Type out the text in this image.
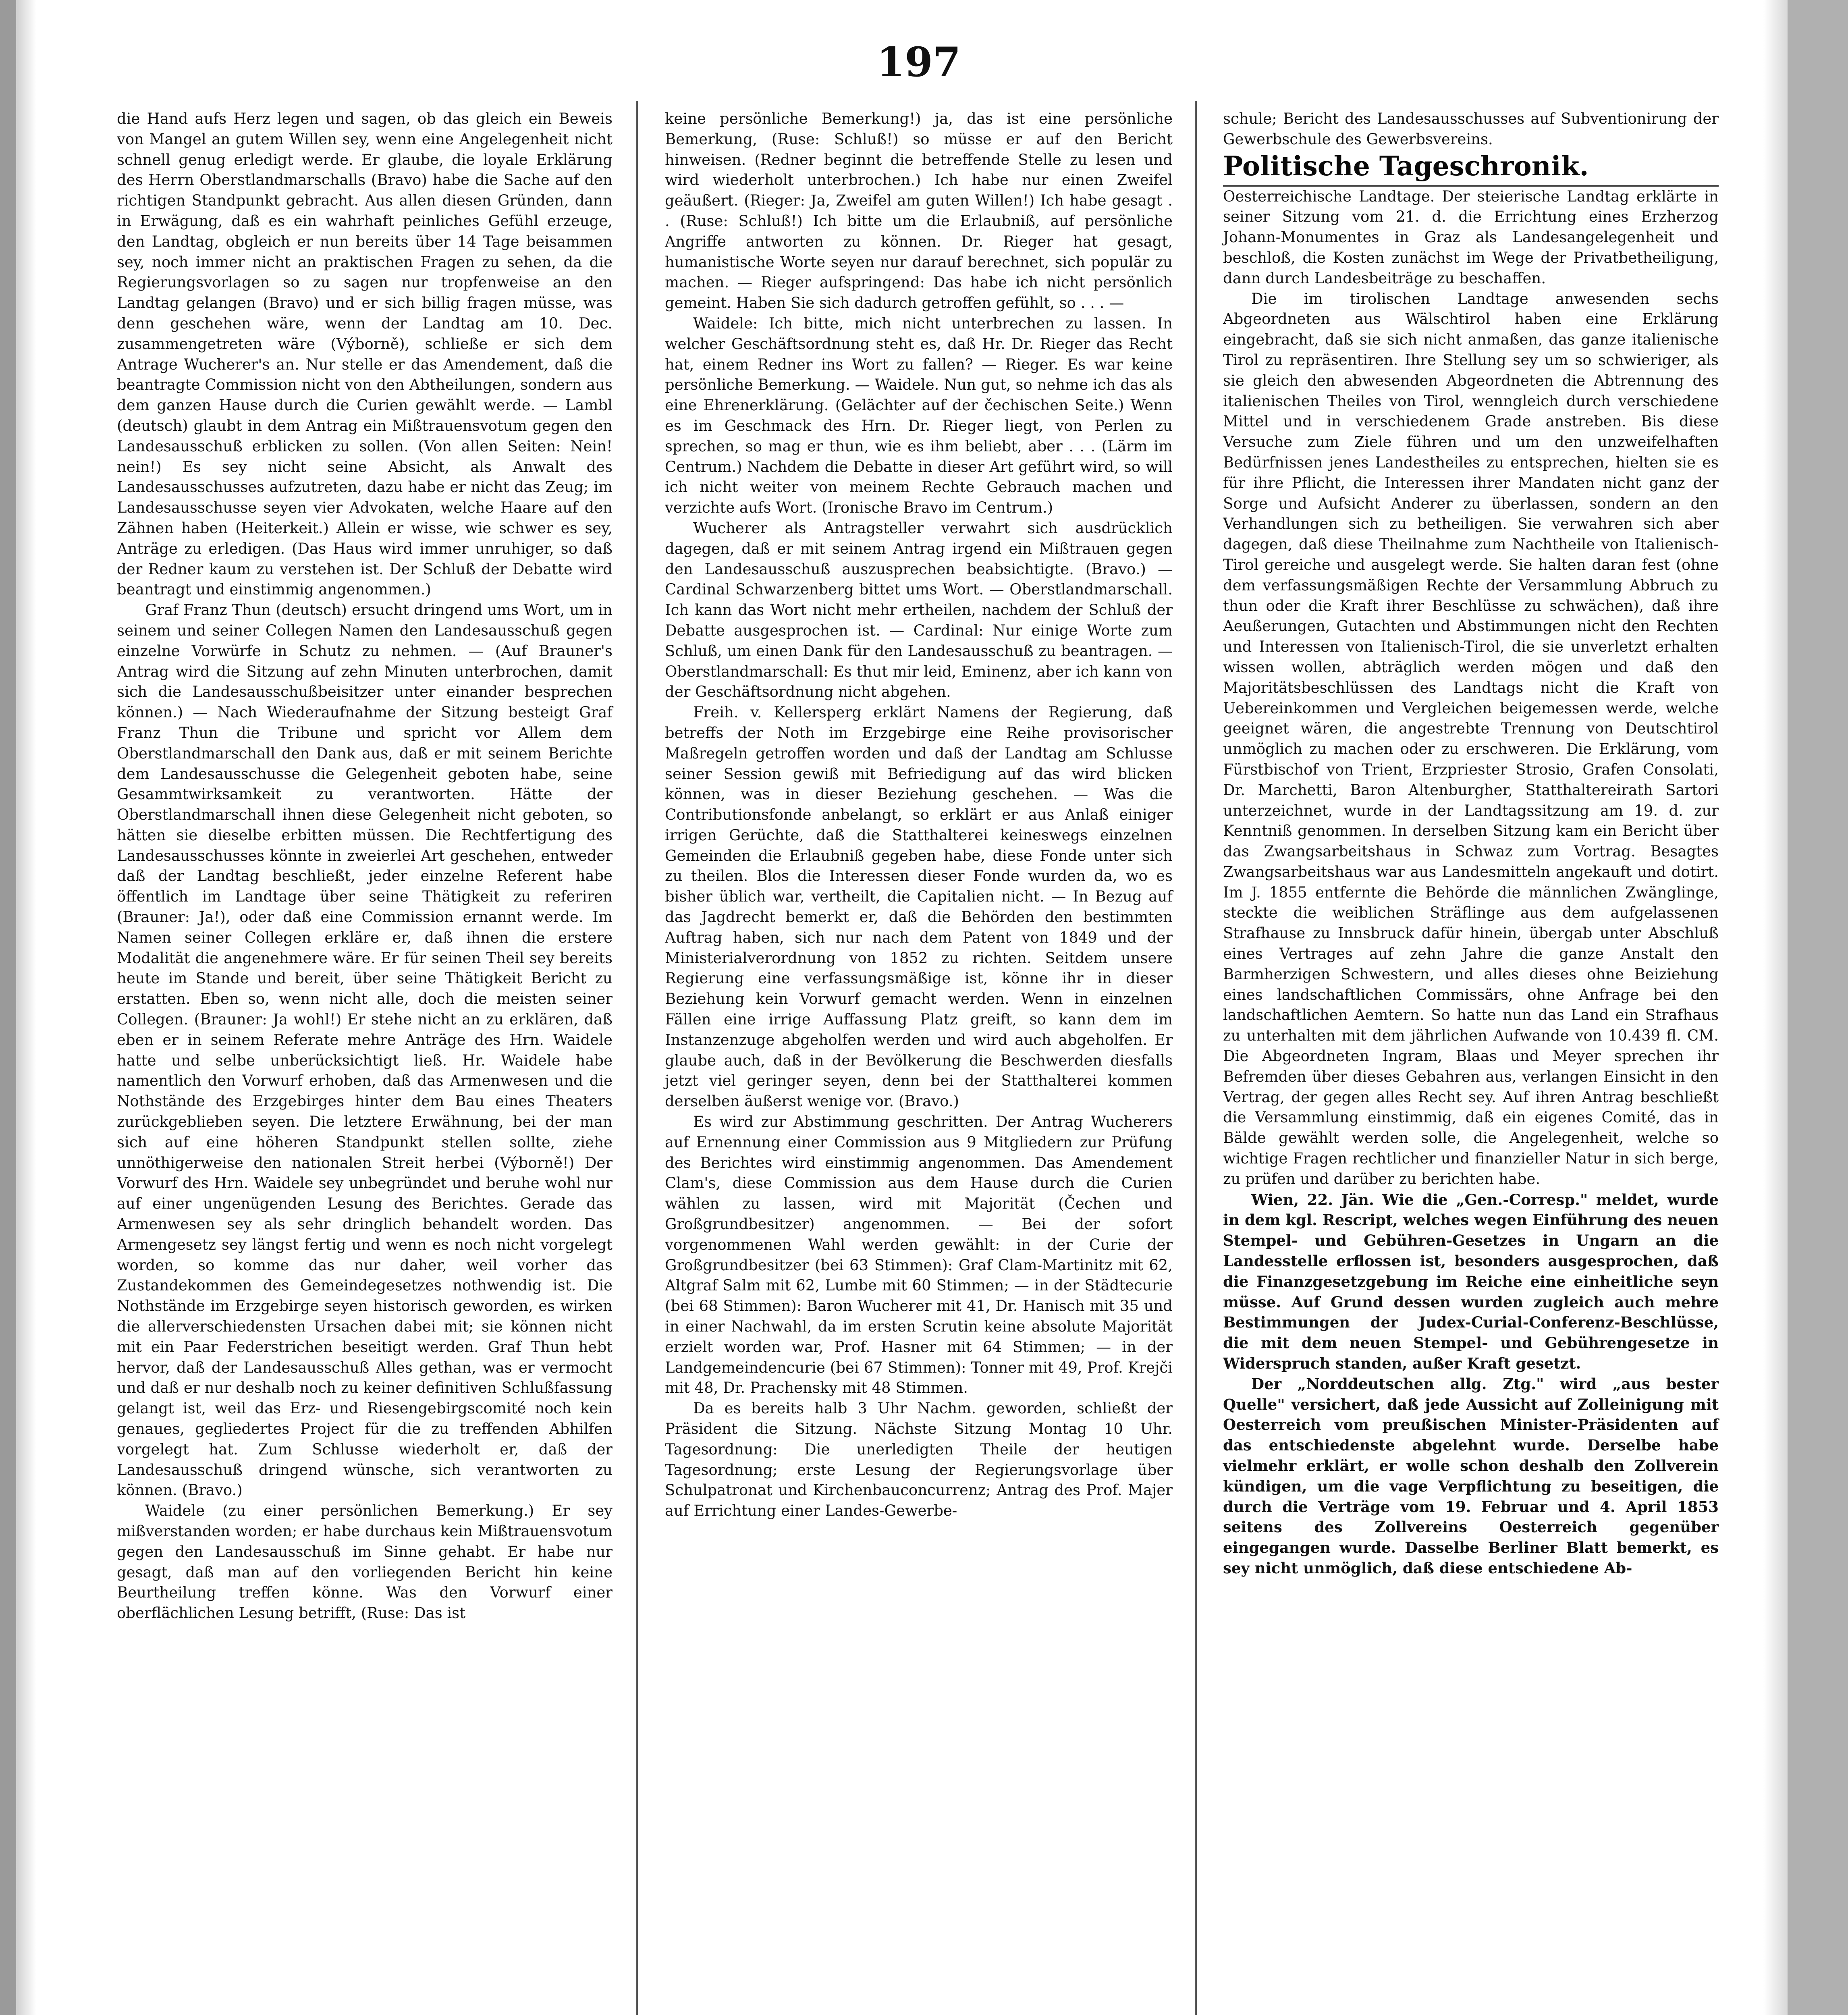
197

die Hand aufs Herz legen und sagen, ob das gleich ein Beweis von Mangel an gutem Willen sey, wenn eine Angelegenheit nicht schnell genug erledigt werde. Er glaube, die loyale Erklärung des Herrn Oberstlandmarschalls (Bravo) habe die Sache auf den richtigen Standpunkt gebracht. Aus allen diesen Gründen, dann in Erwägung, daß es ein wahrhaft peinliches Gefühl erzeuge, den Landtag, obgleich er nun bereits über 14 Tage beisammen sey, noch immer nicht an praktischen Fragen zu sehen, da die Regierungsvorlagen so zu sagen nur tropfenweise an den Landtag gelangen (Bravo) und er sich billig fragen müsse, was denn geschehen wäre, wenn der Landtag am 10. Dec. zusammengetreten wäre (Výborně), schließe er sich dem Antrage Wucherer's an. Nur stelle er das Amendement, daß die beantragte Commission nicht von den Abtheilungen, sondern aus dem ganzen Hause durch die Curien gewählt werde. — Lambl (deutsch) glaubt in dem Antrag ein Mißtrauensvotum gegen den Landesausschuß erblicken zu sollen. (Von allen Seiten: Nein! nein!) Es sey nicht seine Absicht, als Anwalt des Landesausschusses aufzutreten, dazu habe er nicht das Zeug; im Landesausschusse seyen vier Advokaten, welche Haare auf den Zähnen haben (Heiterkeit.) Allein er wisse, wie schwer es sey, Anträge zu erledigen. (Das Haus wird immer unruhiger, so daß der Redner kaum zu verstehen ist. Der Schluß der Debatte wird beantragt und einstimmig angenommen.)

Graf Franz Thun (deutsch) ersucht dringend ums Wort, um in seinem und seiner Collegen Namen den Landesausschuß gegen einzelne Vorwürfe in Schutz zu nehmen. — (Auf Brauner's Antrag wird die Sitzung auf zehn Minuten unterbrochen, damit sich die Landesausschußbeisitzer unter einander besprechen können.) — Nach Wiederaufnahme der Sitzung besteigt Graf Franz Thun die Tribune und spricht vor Allem dem Oberstlandmarschall den Dank aus, daß er mit seinem Berichte dem Landesausschusse die Gelegenheit geboten habe, seine Gesammtwirksamkeit zu verantworten. Hätte der Oberstlandmarschall ihnen diese Gelegenheit nicht geboten, so hätten sie dieselbe erbitten müssen. Die Rechtfertigung des Landesausschusses könnte in zweierlei Art geschehen, entweder daß der Landtag beschließt, jeder einzelne Referent habe öffentlich im Landtage über seine Thätigkeit zu referiren (Brauner: Ja!), oder daß eine Commission ernannt werde. Im Namen seiner Collegen erkläre er, daß ihnen die erstere Modalität die angenehmere wäre. Er für seinen Theil sey bereits heute im Stande und bereit, über seine Thätigkeit Bericht zu erstatten. Eben so, wenn nicht alle, doch die meisten seiner Collegen. (Brauner: Ja wohl!) Er stehe nicht an zu erklären, daß eben er in seinem Referate mehre Anträge des Hrn. Waidele hatte und selbe unberücksichtigt ließ. Hr. Waidele habe namentlich den Vorwurf erhoben, daß das Armenwesen und die Nothstände des Erzgebirges hinter dem Bau eines Theaters zurückgeblieben seyen. Die letztere Erwähnung, bei der man sich auf eine höheren Standpunkt stellen sollte, ziehe unnöthigerweise den nationalen Streit herbei (Výborně!) Der Vorwurf des Hrn. Waidele sey unbegründet und beruhe wohl nur auf einer ungenügenden Lesung des Berichtes. Gerade das Armenwesen sey als sehr dringlich behandelt worden. Das Armengesetz sey längst fertig und wenn es noch nicht vorgelegt worden, so komme das nur daher, weil vorher das Zustandekommen des Gemeindegesetzes nothwendig ist. Die Nothstände im Erzgebirge seyen historisch geworden, es wirken die allerverschiedensten Ursachen dabei mit; sie können nicht mit ein Paar Federstrichen beseitigt werden. Graf Thun hebt hervor, daß der Landesausschuß Alles gethan, was er vermocht und daß er nur deshalb noch zu keiner definitiven Schlußfassung gelangt ist, weil das Erz- und Riesengebirgscomité noch kein genaues, gegliedertes Project für die zu treffenden Abhilfen vorgelegt hat. Zum Schlusse wiederholt er, daß der Landesausschuß dringend wünsche, sich verantworten zu können. (Bravo.)

Waidele (zu einer persönlichen Bemerkung.) Er sey mißverstanden worden; er habe durchaus kein Mißtrauensvotum gegen den Landesausschuß im Sinne gehabt. Er habe nur gesagt, daß man auf den vorliegenden Bericht hin keine Beurtheilung treffen könne. Was den Vorwurf einer oberflächlichen Lesung betrifft, (Ruse: Das ist

keine persönliche Bemerkung!) ja, das ist eine persönliche Bemerkung, (Ruse: Schluß!) so müsse er auf den Bericht hinweisen. (Redner beginnt die betreffende Stelle zu lesen und wird wiederholt unterbrochen.) Ich habe nur einen Zweifel geäußert. (Rieger: Ja, Zweifel am guten Willen!) Ich habe gesagt . . (Ruse: Schluß!) Ich bitte um die Erlaubniß, auf persönliche Angriffe antworten zu können. Dr. Rieger hat gesagt, humanistische Worte seyen nur darauf berechnet, sich populär zu machen. — Rieger aufspringend: Das habe ich nicht persönlich gemeint. Haben Sie sich dadurch getroffen gefühlt, so . . . —

Waidele: Ich bitte, mich nicht unterbrechen zu lassen. In welcher Geschäftsordnung steht es, daß Hr. Dr. Rieger das Recht hat, einem Redner ins Wort zu fallen? — Rieger. Es war keine persönliche Bemerkung. — Waidele. Nun gut, so nehme ich das als eine Ehrenerklärung. (Gelächter auf der čechischen Seite.) Wenn es im Geschmack des Hrn. Dr. Rieger liegt, von Perlen zu sprechen, so mag er thun, wie es ihm beliebt, aber . . . (Lärm im Centrum.) Nachdem die Debatte in dieser Art geführt wird, so will ich nicht weiter von meinem Rechte Gebrauch machen und verzichte aufs Wort. (Ironische Bravo im Centrum.)

Wucherer als Antragsteller verwahrt sich ausdrücklich dagegen, daß er mit seinem Antrag irgend ein Mißtrauen gegen den Landesausschuß auszusprechen beabsichtigte. (Bravo.) — Cardinal Schwarzenberg bittet ums Wort. — Oberstlandmarschall. Ich kann das Wort nicht mehr ertheilen, nachdem der Schluß der Debatte ausgesprochen ist. — Cardinal: Nur einige Worte zum Schluß, um einen Dank für den Landesausschuß zu beantragen. — Oberstlandmarschall: Es thut mir leid, Eminenz, aber ich kann von der Geschäftsordnung nicht abgehen.

Freih. v. Kellersperg erklärt Namens der Regierung, daß betreffs der Noth im Erzgebirge eine Reihe provisorischer Maßregeln getroffen worden und daß der Landtag am Schlusse seiner Session gewiß mit Befriedigung auf das wird blicken können, was in dieser Beziehung geschehen. — Was die Contributionsfonde anbelangt, so erklärt er aus Anlaß einiger irrigen Gerüchte, daß die Statthalterei keineswegs einzelnen Gemeinden die Erlaubniß gegeben habe, diese Fonde unter sich zu theilen. Blos die Interessen dieser Fonde wurden da, wo es bisher üblich war, vertheilt, die Capitalien nicht. — In Bezug auf das Jagdrecht bemerkt er, daß die Behörden den bestimmten Auftrag haben, sich nur nach dem Patent von 1849 und der Ministerialverordnung von 1852 zu richten. Seitdem unsere Regierung eine verfassungsmäßige ist, könne ihr in dieser Beziehung kein Vorwurf gemacht werden. Wenn in einzelnen Fällen eine irrige Auffassung Platz greift, so kann dem im Instanzenzuge abgeholfen werden und wird auch abgeholfen. Er glaube auch, daß in der Bevölkerung die Beschwerden diesfalls jetzt viel geringer seyen, denn bei der Statthalterei kommen derselben äußerst wenige vor. (Bravo.)

Es wird zur Abstimmung geschritten. Der Antrag Wucherers auf Ernennung einer Commission aus 9 Mitgliedern zur Prüfung des Berichtes wird einstimmig angenommen. Das Amendement Clam's, diese Commission aus dem Hause durch die Curien wählen zu lassen, wird mit Majorität (Čechen und Großgrundbesitzer) angenommen. — Bei der sofort vorgenommenen Wahl werden gewählt: in der Curie der Großgrundbesitzer (bei 63 Stimmen): Graf Clam-Martinitz mit 62, Altgraf Salm mit 62, Lumbe mit 60 Stimmen; — in der Städtecurie (bei 68 Stimmen): Baron Wucherer mit 41, Dr. Hanisch mit 35 und in einer Nachwahl, da im ersten Scrutin keine absolute Majorität erzielt worden war, Prof. Hasner mit 64 Stimmen; — in der Landgemeindencurie (bei 67 Stimmen): Tonner mit 49, Prof. Krejči mit 48, Dr. Prachensky mit 48 Stimmen.

Da es bereits halb 3 Uhr Nachm. geworden, schließt der Präsident die Sitzung. Nächste Sitzung Montag 10 Uhr. Tagesordnung: Die unerledigten Theile der heutigen Tagesordnung; erste Lesung der Regierungsvorlage über Schulpatronat und Kirchenbauconcurrenz; Antrag des Prof. Majer auf Errichtung einer Landes-Gewerbe-

schule; Bericht des Landesausschusses auf Subventionirung der Gewerbschule des Gewerbsvereins.

Politische Tageschronik.

Oesterreichische Landtage. Der steierische Landtag erklärte in seiner Sitzung vom 21. d. die Errichtung eines Erzherzog Johann-Monumentes in Graz als Landesangelegenheit und beschloß, die Kosten zunächst im Wege der Privatbetheiligung, dann durch Landesbeiträge zu beschaffen.

Die im tirolischen Landtage anwesenden sechs Abgeordneten aus Wälschtirol haben eine Erklärung eingebracht, daß sie sich nicht anmaßen, das ganze italienische Tirol zu repräsentiren. Ihre Stellung sey um so schwieriger, als sie gleich den abwesenden Abgeordneten die Abtrennung des italienischen Theiles von Tirol, wenngleich durch verschiedene Mittel und in verschiedenem Grade anstreben. Bis diese Versuche zum Ziele führen und um den unzweifelhaften Bedürfnissen jenes Landestheiles zu entsprechen, hielten sie es für ihre Pflicht, die Interessen ihrer Mandaten nicht ganz der Sorge und Aufsicht Anderer zu überlassen, sondern an den Verhandlungen sich zu betheiligen. Sie verwahren sich aber dagegen, daß diese Theilnahme zum Nachtheile von Italienisch-Tirol gereiche und ausgelegt werde. Sie halten daran fest (ohne dem verfassungsmäßigen Rechte der Versammlung Abbruch zu thun oder die Kraft ihrer Beschlüsse zu schwächen), daß ihre Aeußerungen, Gutachten und Abstimmungen nicht den Rechten und Interessen von Italienisch-Tirol, die sie unverletzt erhalten wissen wollen, abträglich werden mögen und daß den Majoritätsbeschlüssen des Landtags nicht die Kraft von Uebereinkommen und Vergleichen beigemessen werde, welche geeignet wären, die angestrebte Trennung von Deutschtirol unmöglich zu machen oder zu erschweren. Die Erklärung, vom Fürstbischof von Trient, Erzpriester Strosio, Grafen Consolati, Dr. Marchetti, Baron Altenburgher, Statthaltereirath Sartori unterzeichnet, wurde in der Landtagssitzung am 19. d. zur Kenntniß genommen. In derselben Sitzung kam ein Bericht über das Zwangsarbeitshaus in Schwaz zum Vortrag. Besagtes Zwangsarbeitshaus war aus Landesmitteln angekauft und dotirt. Im J. 1855 entfernte die Behörde die männlichen Zwänglinge, steckte die weiblichen Sträflinge aus dem aufgelassenen Strafhause zu Innsbruck dafür hinein, übergab unter Abschluß eines Vertrages auf zehn Jahre die ganze Anstalt den Barmherzigen Schwestern, und alles dieses ohne Beiziehung eines landschaftlichen Commissärs, ohne Anfrage bei den landschaftlichen Aemtern. So hatte nun das Land ein Strafhaus zu unterhalten mit dem jährlichen Aufwande von 10.439 fl. CM. Die Abgeordneten Ingram, Blaas und Meyer sprechen ihr Befremden über dieses Gebahren aus, verlangen Einsicht in den Vertrag, der gegen alles Recht sey. Auf ihren Antrag beschließt die Versammlung einstimmig, daß ein eigenes Comité, das in Bälde gewählt werden solle, die Angelegenheit, welche so wichtige Fragen rechtlicher und finanzieller Natur in sich berge, zu prüfen und darüber zu berichten habe.

Wien, 22. Jän. Wie die „Gen.-Corresp." meldet, wurde in dem kgl. Rescript, welches wegen Einführung des neuen Stempel- und Gebühren-Gesetzes in Ungarn an die Landesstelle erflossen ist, besonders ausgesprochen, daß die Finanzgesetzgebung im Reiche eine einheitliche seyn müsse. Auf Grund dessen wurden zugleich auch mehre Bestimmungen der Judex-Curial-Conferenz-Beschlüsse, die mit dem neuen Stempel- und Gebührengesetze in Widerspruch standen, außer Kraft gesetzt.

Der „Norddeutschen allg. Ztg." wird „aus bester Quelle" versichert, daß jede Aussicht auf Zolleinigung mit Oesterreich vom preußischen Minister-Präsidenten auf das entschiedenste abgelehnt wurde. Derselbe habe vielmehr erklärt, er wolle schon deshalb den Zollverein kündigen, um die vage Verpflichtung zu beseitigen, die durch die Verträge vom 19. Februar und 4. April 1853 seitens des Zollvereins Oesterreich gegenüber eingegangen wurde. Dasselbe Berliner Blatt bemerkt, es sey nicht unmöglich, daß diese entschiedene Ab-
